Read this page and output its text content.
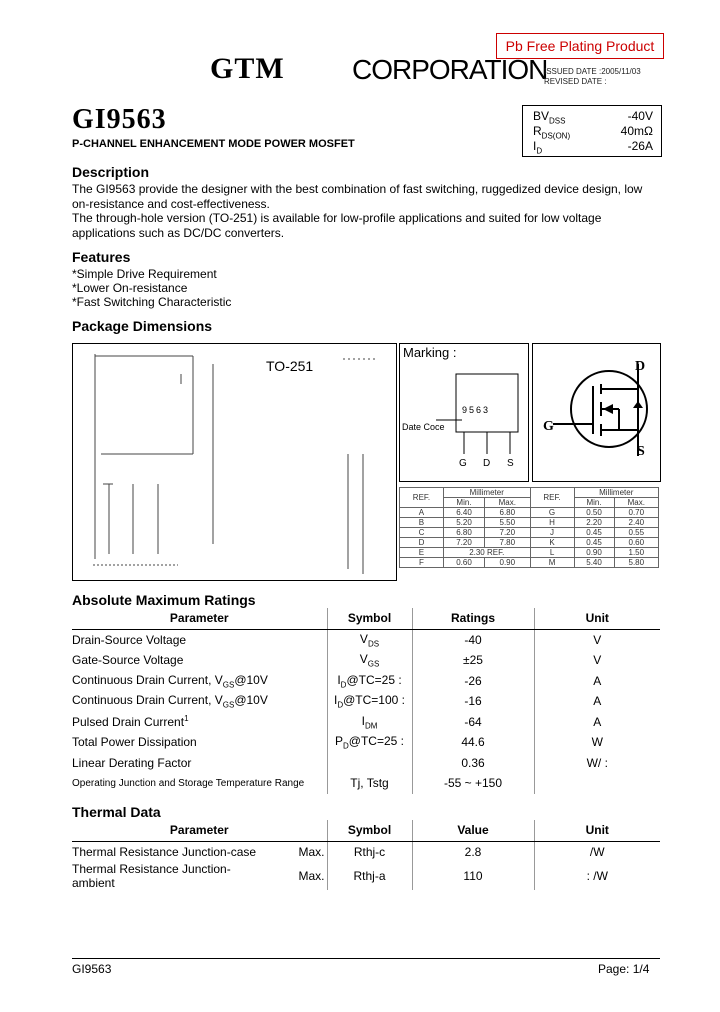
Pb Free Plating Product
GTM CORPORATION
ISSUED DATE :2005/11/03
REVISED DATE :
GI9563
P-CHANNEL ENHANCEMENT MODE POWER MOSFET
$BV_{DSS}$	-40V
$R_{DS(ON)}$	40mΩ
$I_D$	-26A
Description
The GI9563 provide the designer with the best combination of fast switching, ruggedized device design, low
on-resistance and cost-effectiveness.
The through-hole version (TO-251) is available for low-profile applications and suited for low voltage
applications such as DC/DC converters.
Features
*Simple Drive Requirement
*Lower On-resistance
*Fast Switching Characteristic
Package Dimensions
TO-251
Marking :
9563
Date Coce
G D S
D
G
S
REF.	Millimeter		REF.	Millimeter	
	Min.	Max.		Min.	Max.
A	6.40	6.80	G	0.50	0.70
B	5.20	5.50	H	2.20	2.40
C	6.80	7.20	J	0.45	0.55
D	7.20	7.80	K	0.45	0.60
E	2.30 REF.		L	0.90	1.50
F	0.60	0.90	M	5.40	5.80
Absolute Maximum Ratings
Parameter	Symbol	Ratings	Unit
Drain-Source Voltage	$V_{DS}$	-40	V
Gate-Source Voltage	$V_{GS}$	±25	V
Continuous Drain Current, $V_{GS}@10V$	$I_D@TC=25$ :	-26	A
Continuous Drain Current, $V_{GS}@10V$	$I_D@TC=100$ :	-16	A
Pulsed Drain Current$^1$	$I_{DM}$	-64	A
Total Power Dissipation	$P_D@TC=25$ :	44.6	W
Linear Derating Factor		0.36	W/ :
Operating Junction and Storage Temperature Range	Tj, Tstg	-55 ~ +150	
Thermal Data
Parameter		Symbol	Value	Unit
Thermal Resistance Junction-case	Max.	Rthj-c	2.8	/W
Thermal Resistance Junction-ambient	Max.	Rthj-a	110	: /W
GI9563	Page: 1/4
